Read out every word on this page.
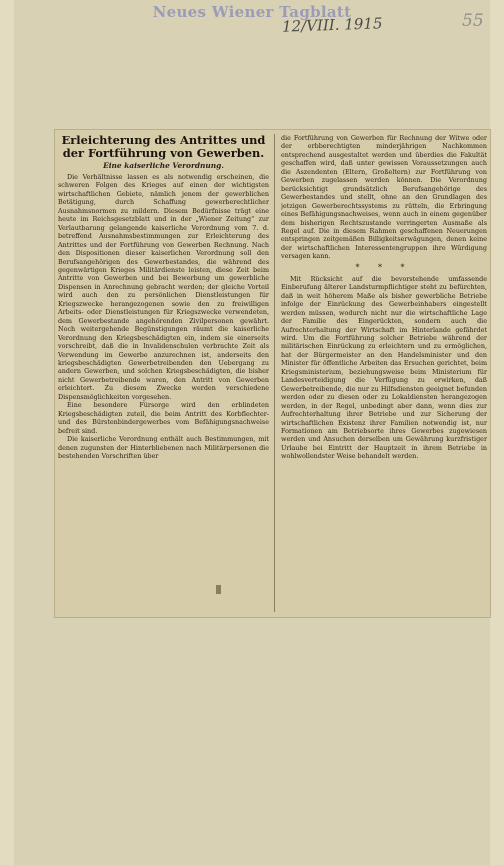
Neues Wiener Tagblatt
12/VIII. 1915	55
Erleichterung des Antrittes und der Fortführung von Gewerben.
Eine kaiserliche Verordnung.

Die Verhältnisse lassen es als notwendig erscheinen, die schweren Folgen des Krieges auf einen der wichtigsten wirtschaftlichen Gebiete, nämlich jenem der gewerblichen Betätigung, durch Schaffung gewerberechtlicher Ausnahmsnormen zu mildern. Diesem Bedürfnisse trägt eine heute im Reichsgesetzblatt und in der „Wiener Zeitung“ zur Verlautbarung gelangende kaiserliche Verordnung vom 7. d. betreffend Ausnahmsbestimmungen zur Erleichterung des Antrittes und der Fortführung von Gewerben Rechnung. Nach den Dispositionen dieser kaiserlichen Verordnung soll den Berufsangehörigen des Gewerbestandes, die während des gegenwärtigen Krieges Militärdienste leisten, diese Zeit beim Antritte von Gewerben und bei Bewerbung um gewerbliche Dispensen in Anrechnung gebracht werden; der gleiche Vorteil wird auch den zu persönlichen Dienstleistungen für Kriegszwecke herangezogenen sowie den zu freiwilligen Arbeits- oder Dienstleistungen für Kriegszwecke verwendeten, dem Gewerbestande angehörenden Zivilpersonen gewährt. Noch weitergehende Begünstigungen räumt die kaiserliche Verordnung den Kriegsbeschädigten ein, indem sie einerseits vorschreibt, daß die in Invalidenschulen verbrachte Zeit als Verwendung im Gewerbe anzurechnen ist, anderseits den kriegsbeschädigten Gewerbetreibenden den Uebergang zu andern Gewerben, und solchen Kriegsbeschädigten, die bisher nicht Gewerbetreibende waren, den Antritt von Gewerben erleichtert. Zu diesem Zwecke werden verschiedene Dispensmöglichkeiten vorgesehen.

Eine besondere Fürsorge wird den erblindeten Kriegsbeschädigten zuteil, die beim Antritt des Korbflechter- und des Bürstenbindergewerbes vom Befähigungsnachweise befreit sind.

Die kaiserliche Verordnung enthält auch Bestimmungen, mit denen zugunsten der Hinterbliebenen nach Militärpersonen die bestehenden Vorschriften über

die Fortführung von Gewerben für Rechnung der Witwe oder der erbberechtigten minderjährigen Nachkommen entsprechend ausgestaltet werden und überdies die Fakultät geschaffen wird, daß unter gewissen Voraussetzungen auch die Aszendenten (Eltern, Großeltern) zur Fortführung von Gewerben zugelassen werden können. Die Verordnung berücksichtigt grundsätzlich Berufsangehörige des Gewerbestandes und stellt, ohne an den Grundlagen des jetzigen Gewerberechtssystems zu rütteln, die Erbringung eines Befähigungsnachweises, wenn auch in einem gegenüber dem bisherigen Rechtszustande verringerten Ausmaße als Regel auf. Die in diesem Rahmen geschaffenen Neuerungen entspringen zeitgemäßen Billigkeitserwägungen, denen keine der wirtschaftlichen Interessentengruppen ihre Würdigung versagen kann.

* * *

Mit Rücksicht auf die bevorstehende umfassende Einberufung älterer Landsturmpflichtiger steht zu befürchten, daß in weit höherem Maße als bisher gewerbliche Betriebe infolge der Einrückung des Gewerbeinhabers eingestellt werden müssen, wodurch nicht nur die wirtschaftliche Lage der Familie des Eingerückten, sondern auch die Aufrechterhaltung der Wirtschaft im Hinterlande gefährdet wird. Um die Fortführung solcher Betriebe während der militärischen Einrückung zu erleichtern und zu ermöglichen, hat der Bürgermeister an den Handelsminister und den Minister für öffentliche Arbeiten das Ersuchen gerichtet, beim Kriegsministerium, beziehungsweise beim Ministerium für Landesverteidigung die Verfügung zu erwirken, daß Gewerbetreibende, die nur zu Hilfsdiensten geeignet befunden werden oder zu diesen oder zu Lokaldiensten herangezogen werden, in der Regel, unbedingt aber dann, wenn dies zur Aufrechterhaltung ihrer Betriebe und zur Sicherung der wirtschaftlichen Existenz ihrer Familien notwendig ist, nur Formationen am Betriebsorte ihres Gewerbes zugewiesen werden und Ansuchen derselben um Gewährung kurzfristiger Urlaube bei Eintritt der Hauptzeit in ihrem Betriebe in wohlwollendster Weise behandelt werden.
